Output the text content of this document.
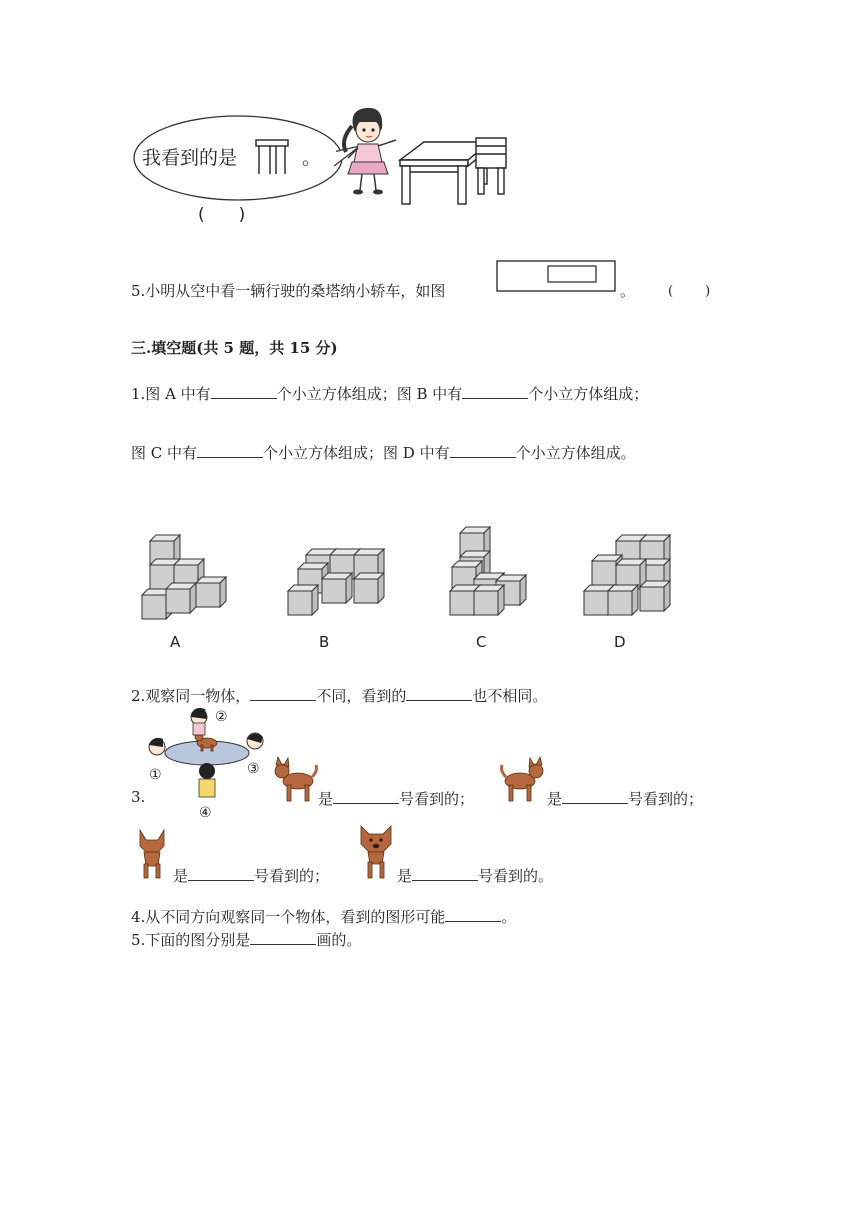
我看到的是	。
(　　)
5.小明从空中看一辆行驶的桑塔纳小轿车，如图	。	(　　)
三.填空题(共 5 题，共 15 分)
1.图 A 中有	个小立方体组成；图 B 中有	个小立方体组成；
图 C 中有	个小立方体组成；图 D 中有	个小立方体组成。
A	B	C	D
2.观察同一物体，	不同，看到的	也不相同。
3.
①
②
③
④
是	号看到的；	是	号看到的；
是	号看到的；	是	号看到的。
4.从不同方向观察同一个物体，看到的图形可能	。
5.下面的图分别是	画的。
